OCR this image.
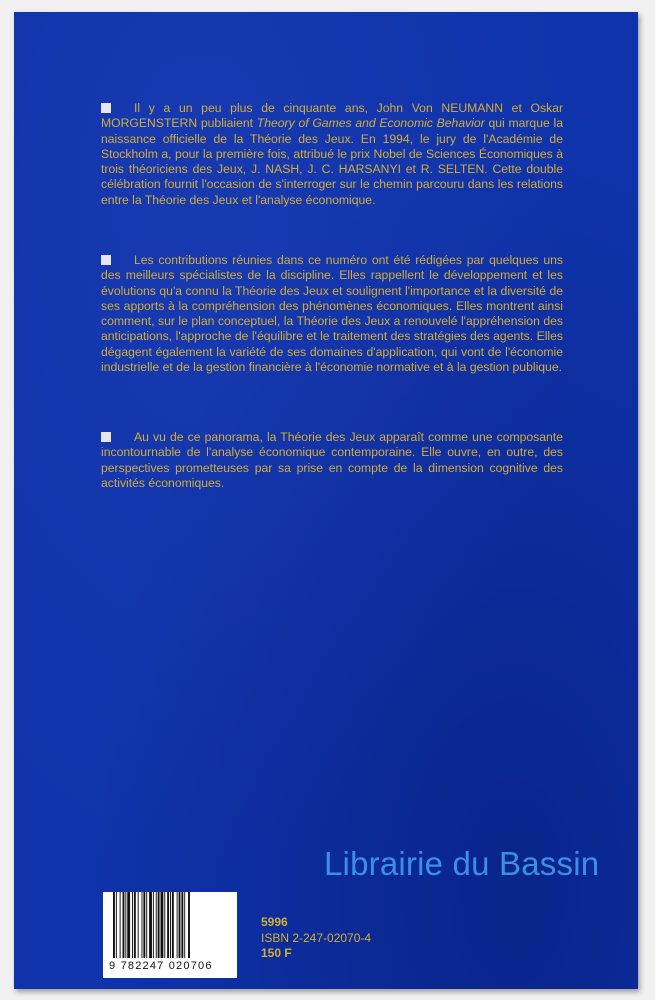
Il y a un peu plus de cinquante ans, John Von NEUMANN et Oskar MORGENSTERN publiaient Theory of Games and Economic Behavior qui marque la naissance officielle de la Théorie des Jeux. En 1994, le jury de l'Académie de Stockholm a, pour la première fois, attribué le prix Nobel de Sciences Économiques à trois théoriciens des Jeux, J. NASH, J. C. HARSANYI et R. SELTEN. Cette double célébration fournit l'occasion de s'interroger sur le chemin parcouru dans les relations entre la Théorie des Jeux et l'analyse économique.
Les contributions réunies dans ce numéro ont été rédigées par quelques uns des meilleurs spécialistes de la discipline. Elles rappellent le développement et les évolutions qu'a connu la Théorie des Jeux et soulignent l'importance et la diversité de ses apports à la compréhension des phénomènes économiques. Elles montrent ainsi comment, sur le plan conceptuel, la Théorie des Jeux a renouvelé l'appréhension des anticipations, l'approche de l'équilibre et le traitement des stratégies des agents. Elles dégagent également la variété de ses domaines d'application, qui vont de l'économie industrielle et de la gestion financière à l'économie normative et à la gestion publique.
Au vu de ce panorama, la Théorie des Jeux apparaît comme une composante incontournable de l'analyse économique contemporaine. Elle ouvre, en outre, des perspectives prometteuses par sa prise en compte de la dimension cognitive des activités économiques.
Librairie du Bassin
9 782247 020706
5996
ISBN 2-247-02070-4
150 F
